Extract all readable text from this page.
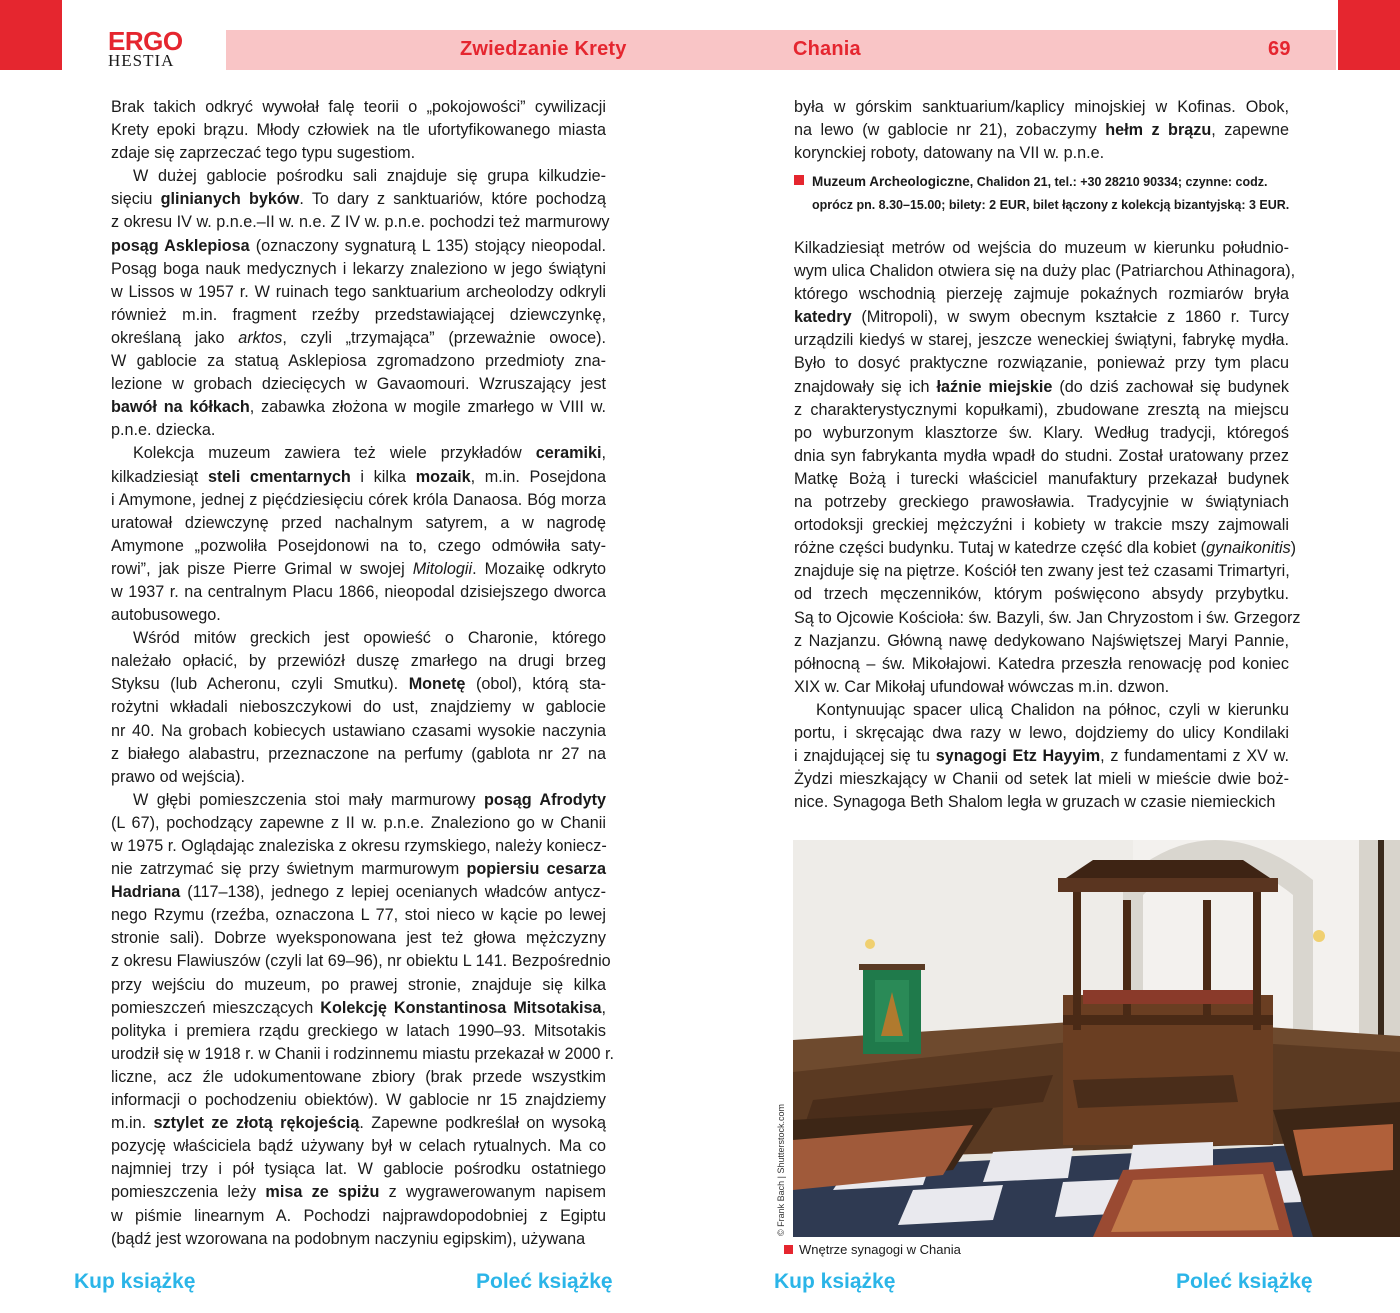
ERGO
HESTIA
Zwiedzanie Krety	Chania	69

Brak takich odkryć wywołał falę teorii o „pokojowości” cywilizacji
Krety epoki brązu. Młody człowiek na tle ufortyfikowanego miasta
zdaje się zaprzeczać tego typu sugestiom.

W dużej gablocie pośrodku sali znajduje się grupa kilkudzie-
sięciu glinianych byków. To dary z sanktuariów, które pochodzą
z okresu IV w. p.n.e.–II w. n.e. Z IV w. p.n.e. pochodzi też marmurowy
posąg Asklepiosa (oznaczony sygnaturą L 135) stojący nieopodal.
Posąg boga nauk medycznych i lekarzy znaleziono w jego świątyni
w Lissos w 1957 r. W ruinach tego sanktuarium archeolodzy odkryli
również m.in. fragment rzeźby przedstawiającej dziewczynkę,
określaną jako arktos, czyli „trzymająca” (przeważnie owoce).
W gablocie za statuą Asklepiosa zgromadzono przedmioty zna-
lezione w grobach dziecięcych w Gavaomouri. Wzruszający jest
bawół na kółkach, zabawka złożona w mogile zmarłego w VIII w.
p.n.e. dziecka.

Kolekcja muzeum zawiera też wiele przykładów ceramiki,
kilkadziesiąt steli cmentarnych i kilka mozaik, m.in. Posejdona
i Amymone, jednej z pięćdziesięciu córek króla Danaosa. Bóg morza
uratował dziewczynę przed nachalnym satyrem, a w nagrodę
Amymone „pozwoliła Posejdonowi na to, czego odmówiła saty-
rowi”, jak pisze Pierre Grimal w swojej Mitologii. Mozaikę odkryto
w 1937 r. na centralnym Placu 1866, nieopodal dzisiejszego dworca
autobusowego.

Wśród mitów greckich jest opowieść o Charonie, którego
należało opłacić, by przewiózł duszę zmarłego na drugi brzeg
Styksu (lub Acheronu, czyli Smutku). Monetę (obol), którą sta-
rożytni wkładali nieboszczykowi do ust, znajdziemy w gablocie
nr 40. Na grobach kobiecych ustawiano czasami wysokie naczynia
z białego alabastru, przeznaczone na perfumy (gablota nr 27 na
prawo od wejścia).

W głębi pomieszczenia stoi mały marmurowy posąg Afrodyty
(L 67), pochodzący zapewne z II w. p.n.e. Znaleziono go w Chanii
w 1975 r. Oglądając znaleziska z okresu rzymskiego, należy koniecz-
nie zatrzymać się przy świetnym marmurowym popiersiu cesarza
Hadriana (117–138), jednego z lepiej ocenianych władców antycz-
nego Rzymu (rzeźba, oznaczona L 77, stoi nieco w kącie po lewej
stronie sali). Dobrze wyeksponowana jest też głowa mężczyzny
z okresu Flawiuszów (czyli lat 69–96), nr obiektu L 141. Bezpośrednio
przy wejściu do muzeum, po prawej stronie, znajduje się kilka
pomieszczeń mieszczących Kolekcję Konstantinosa Mitsotakisa,
polityka i premiera rządu greckiego w latach 1990–93. Mitsotakis
urodził się w 1918 r. w Chanii i rodzinnemu miastu przekazał w 2000 r.
liczne, acz źle udokumentowane zbiory (brak przede wszystkim
informacji o pochodzeniu obiektów). W gablocie nr 15 znajdziemy
m.in. sztylet ze złotą rękojeścią. Zapewne podkreślał on wysoką
pozycję właściciela bądź używany był w celach rytualnych. Ma co
najmniej trzy i pół tysiąca lat. W gablocie pośrodku ostatniego
pomieszczenia leży misa ze spiżu z wygrawerowanym napisem
w piśmie linearnym A. Pochodzi najprawdopodobniej z Egiptu
(bądź jest wzorowana na podobnym naczyniu egipskim), używana

była w górskim sanktuarium/kaplicy minojskiej w Kofinas. Obok,
na lewo (w gablocie nr 21), zobaczymy hełm z brązu, zapewne
korynckiej roboty, datowany na VII w. p.n.e.

Muzeum Archeologiczne, Chalidon 21, tel.: +30 28210 90334; czynne: codz.
oprócz pn. 8.30–15.00; bilety: 2 EUR, bilet łączony z kolekcją bizantyjską: 3 EUR.

Kilkadziesiąt metrów od wejścia do muzeum w kierunku południo-
wym ulica Chalidon otwiera się na duży plac (Patriarchou Athinagora),
którego wschodnią pierzeję zajmuje pokaźnych rozmiarów bryła
katedry (Mitropoli), w swym obecnym kształcie z 1860 r. Turcy
urządzili kiedyś w starej, jeszcze weneckiej świątyni, fabrykę mydła.
Było to dosyć praktyczne rozwiązanie, ponieważ przy tym placu
znajdowały się ich łaźnie miejskie (do dziś zachował się budynek
z charakterystycznymi kopułkami), zbudowane zresztą na miejscu
po wyburzonym klasztorze św. Klary. Według tradycji, któregoś
dnia syn fabrykanta mydła wpadł do studni. Został uratowany przez
Matkę Bożą i turecki właściciel manufaktury przekazał budynek
na potrzeby greckiego prawosławia. Tradycyjnie w świątyniach
ortodoksji greckiej mężczyźni i kobiety w trakcie mszy zajmowali
różne części budynku. Tutaj w katedrze część dla kobiet (gynaikonitis)
znajduje się na piętrze. Kościół ten zwany jest też czasami Trimartyri,
od trzech męczenników, którym poświęcono absydy przybytku.
Są to Ojcowie Kościoła: św. Bazyli, św. Jan Chryzostom i św. Grzegorz
z Nazjanzu. Główną nawę dedykowano Najświętszej Maryi Pannie,
północną – św. Mikołajowi. Katedra przeszła renowację pod koniec
XIX w. Car Mikołaj ufundował wówczas m.in. dzwon.

Kontynuując spacer ulicą Chalidon na północ, czyli w kierunku
portu, i skręcając dwa razy w lewo, dojdziemy do ulicy Kondilaki
i znajdującej się tu synagogi Etz Hayyim, z fundamentami z XV w.
Żydzi mieszkający w Chanii od setek lat mieli w mieście dwie boż-
nice. Synagoga Beth Shalom legła w gruzach w czasie niemieckich

© Frank Bach | Shutterstock.com
Wnętrze synagogi w Chania
Kup książkę	Poleć książkę	Kup książkę	Poleć książkę
